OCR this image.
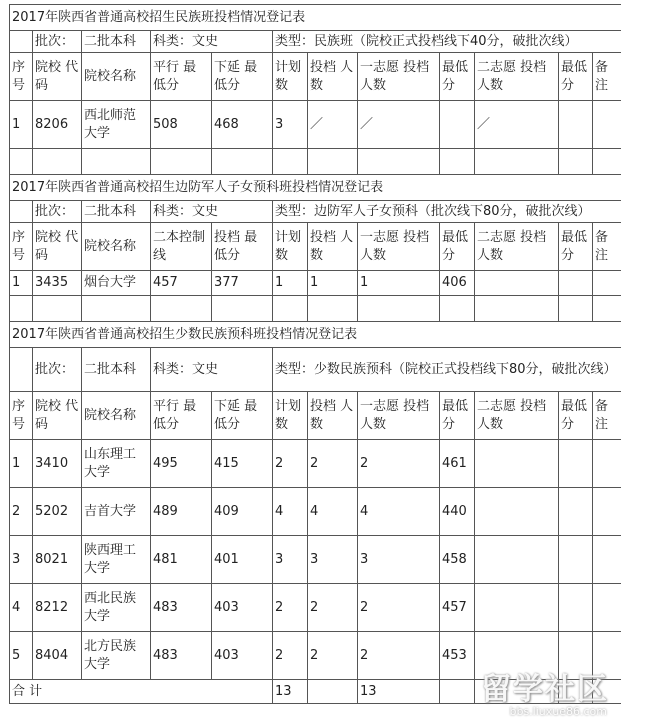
2017年陕西省普通高校招生民族班投档情况登记表											
	批次：	二批本科	科类：文史		类型：民族班（院校正式投档线下40分，破批次线）						
序号	院校 代码	院校名称	平行 最低分	下延 最低分	计划数	投档 人数	一志愿 投档人数	最低分	二志愿 投档人数	最低分	备注
1	8206	西北师范大学	508	468	3	／	／		／		

2017年陕西省普通高校招生边防军人子女预科班投档情况登记表											
	批次：	二批本科	科类：文史		类型：边防军人子女预科（批次线下80分，破批次线）						
序号	院校 代码	院校名称	二本控制线	投档 最低分	计划数	投档 人数	一志愿 投档人数	最低分	二志愿 投档人数	最低分	备注
1	3435	烟台大学	457	377	1	1	1	406			

2017年陕西省普通高校招生少数民族预科班投档情况登记表											
	批次：	二批本科	科类：文史		类型：少数民族预科（院校正式投档线下80分，破批次线）						
序号	院校 代码	院校名称	平行 最低分	下延 最低分	计划数	投档 人数	一志愿 投档人数	最低分	二志愿 投档人数	最低分	备注
1	3410	山东理工大学	495	415	2	2	2	461			
2	5202	吉首大学	489	409	4	4	4	440			
3	8021	陕西理工大学	481	401	3	3	3	458			
4	8212	西北民族大学	483	403	2	2	2	457			
5	8404	北方民族大学	483	403	2	2	2	453			
合 计					13		13					留学社区
bbs.liuxue86.com
